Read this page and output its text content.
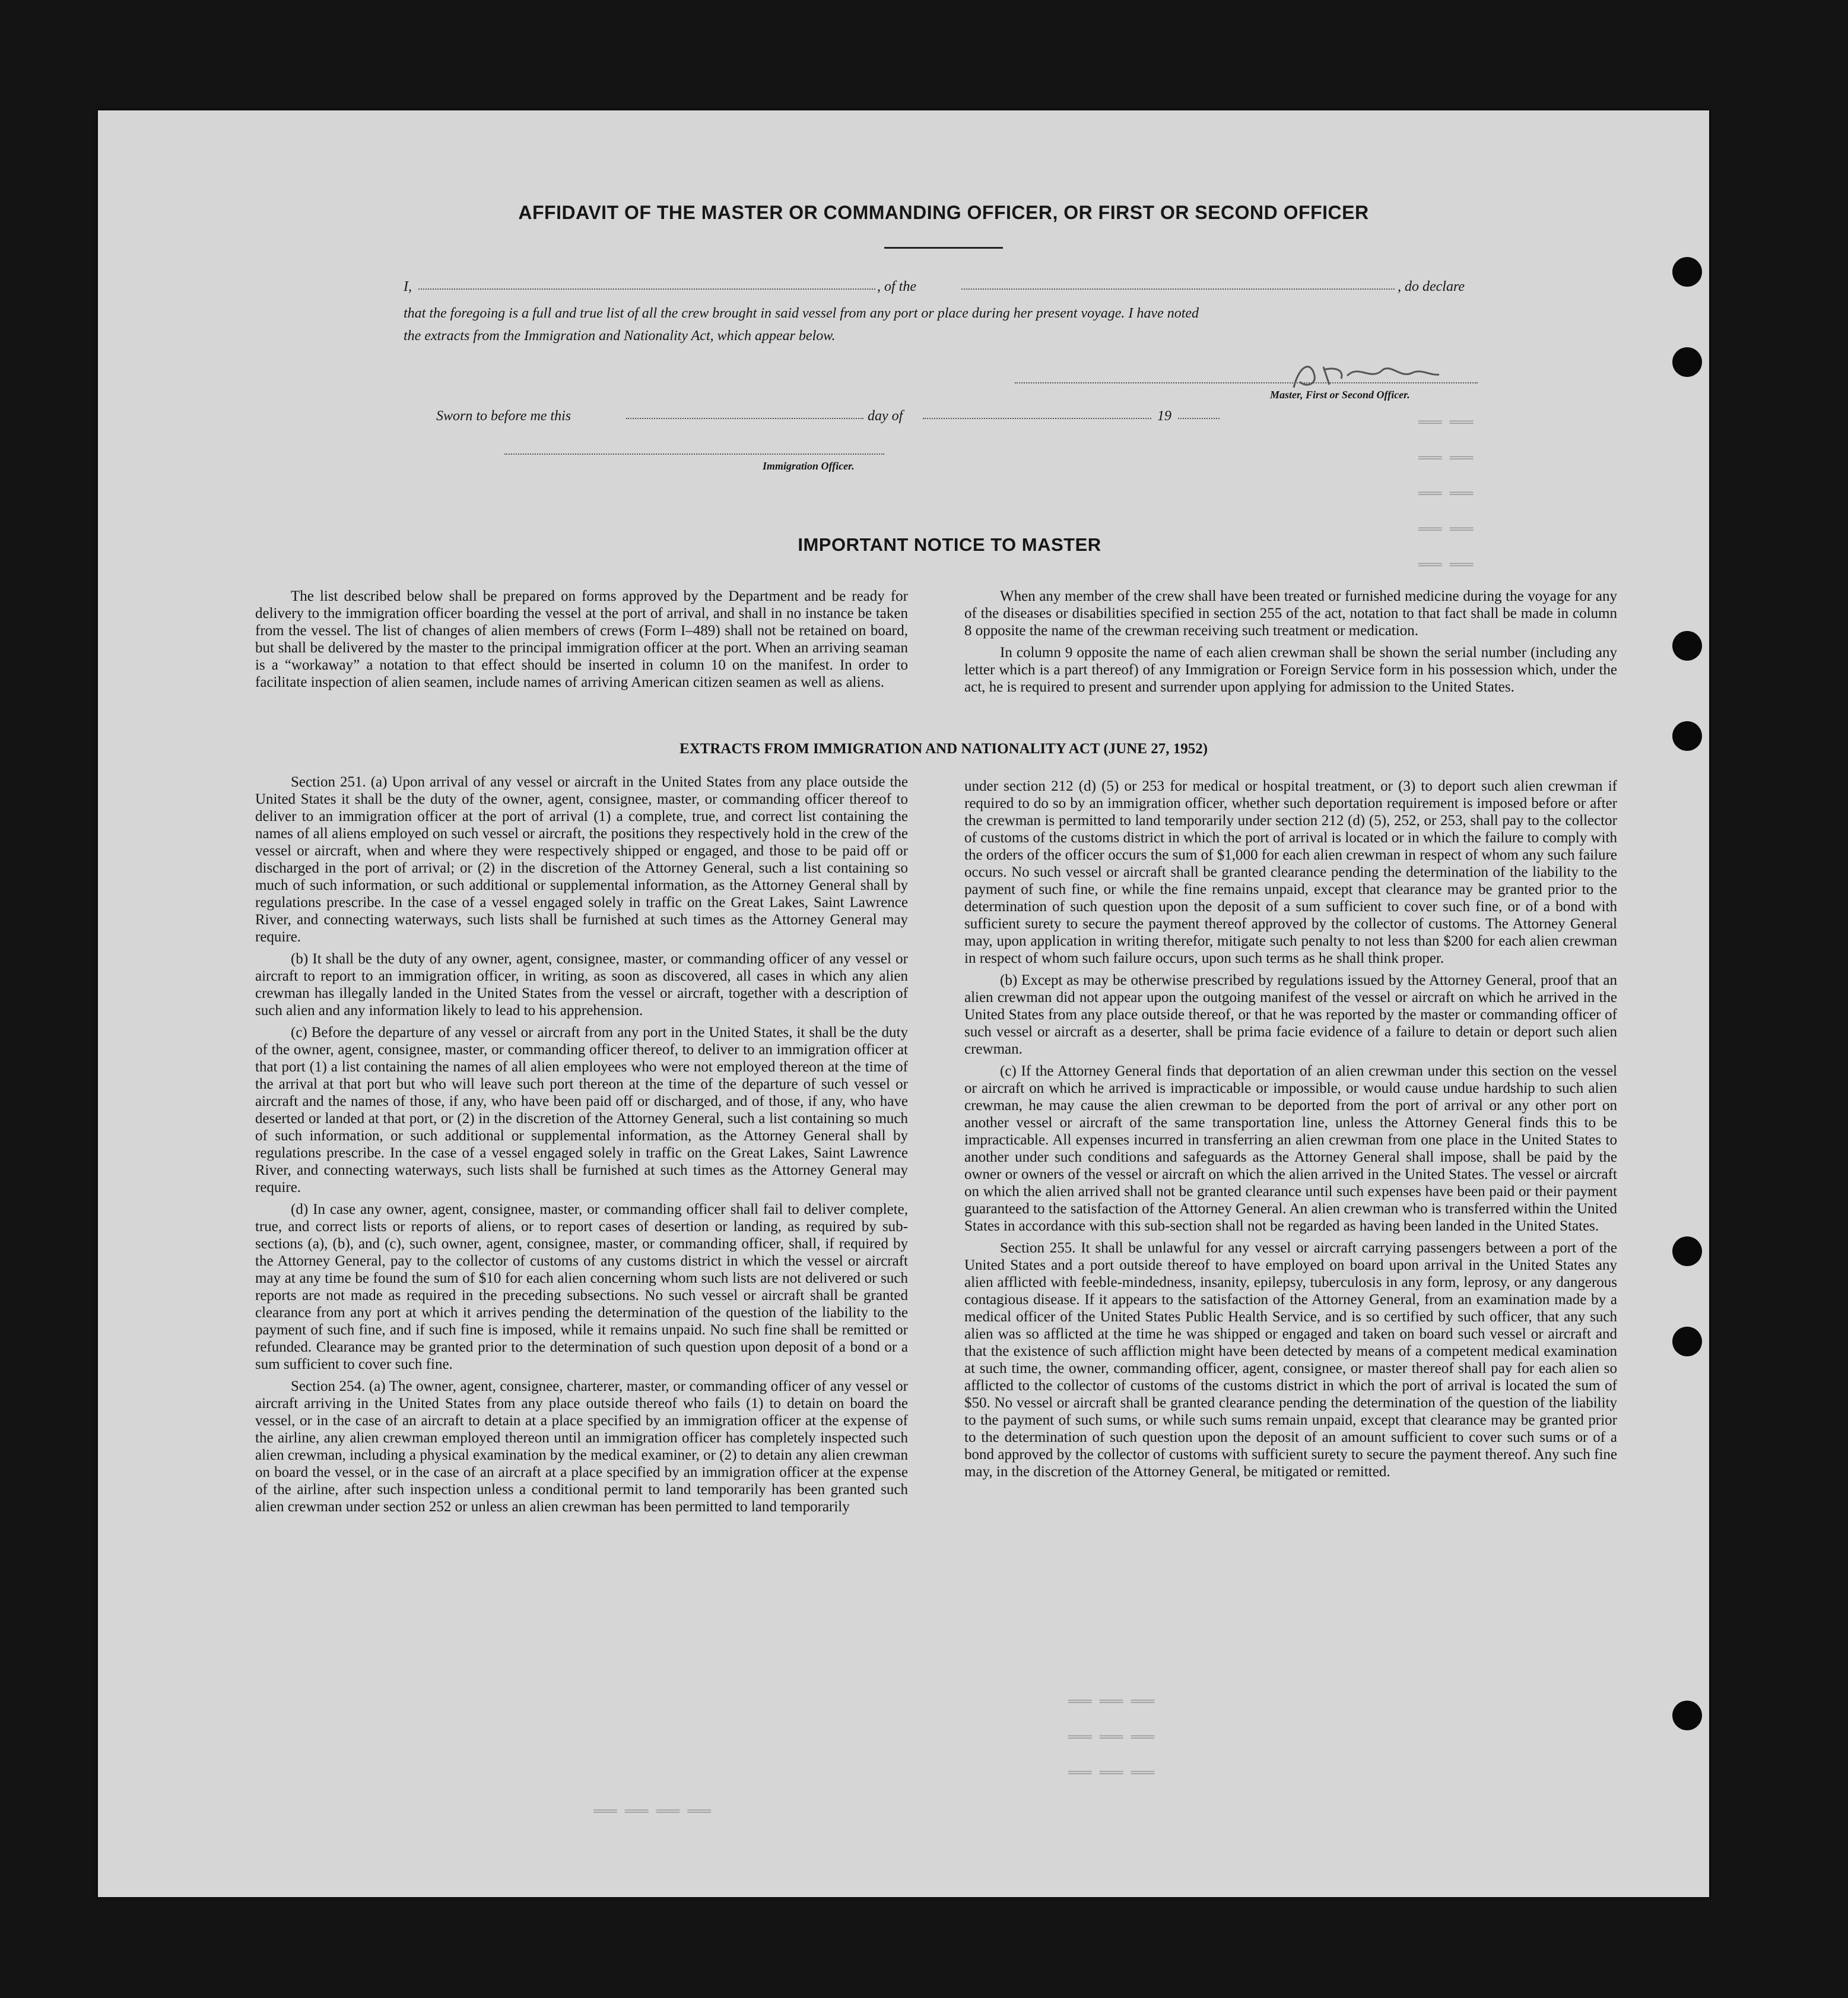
═══ ═══
═══ ═══
═══ ═══
═══ ═══
═══ ═══
═══ ═══ ═══
═══ ═══ ═══
═══ ═══ ═══
═══ ═══ ═══ ═══
AFFIDAVIT OF THE MASTER OR COMMANDING OFFICER, OR FIRST OR SECOND OFFICER
I,	, of the	, do declare
that the foregoing is a full and true list of all the crew brought in said vessel from any port or place during her present voyage. I have noted
the extracts from the Immigration and Nationality Act, which appear below.
Master, First or Second Officer.
Sworn to before me this	day of	19
Immigration Officer.
IMPORTANT NOTICE TO MASTER

The list described below shall be prepared on forms approved by the Department and be ready for delivery to the immigration officer boarding the vessel at the port of arrival, and shall in no instance be taken from the vessel. The list of changes of alien members of crews (Form I–489) shall not be retained on board, but shall be delivered by the master to the principal immigration officer at the port. When an arriving seaman is a “workaway” a notation to that effect should be inserted in column 10 on the manifest. In order to facilitate inspection of alien seamen, include names of arriving American citizen seamen as well as aliens.

When any member of the crew shall have been treated or furnished medicine during the voyage for any of the diseases or disabilities specified in section 255 of the act, notation to that fact shall be made in column 8 opposite the name of the crewman receiving such treatment or medication.

In column 9 opposite the name of each alien crewman shall be shown the serial number (including any letter which is a part thereof) of any Immigration or Foreign Service form in his possession which, under the act, he is required to present and surrender upon applying for admission to the United States.

EXTRACTS FROM IMMIGRATION AND NATIONALITY ACT (JUNE 27, 1952)

Section 251. (a) Upon arrival of any vessel or aircraft in the United States from any place outside the United States it shall be the duty of the owner, agent, consignee, master, or commanding officer thereof to deliver to an immigration officer at the port of arrival (1) a complete, true, and correct list containing the names of all aliens employed on such vessel or aircraft, the positions they respectively hold in the crew of the vessel or aircraft, when and where they were respectively shipped or engaged, and those to be paid off or discharged in the port of arrival; or (2) in the discretion of the Attorney General, such a list containing so much of such information, or such additional or supplemental information, as the Attorney General shall by regulations prescribe. In the case of a vessel engaged solely in traffic on the Great Lakes, Saint Lawrence River, and connecting waterways, such lists shall be furnished at such times as the Attorney General may require.

(b) It shall be the duty of any owner, agent, consignee, master, or commanding officer of any vessel or aircraft to report to an immigration officer, in writing, as soon as discovered, all cases in which any alien crewman has illegally landed in the United States from the vessel or aircraft, together with a description of such alien and any information likely to lead to his apprehension.

(c) Before the departure of any vessel or aircraft from any port in the United States, it shall be the duty of the owner, agent, consignee, master, or commanding officer thereof, to deliver to an immigration officer at that port (1) a list containing the names of all alien employees who were not employed thereon at the time of the arrival at that port but who will leave such port thereon at the time of the departure of such vessel or aircraft and the names of those, if any, who have been paid off or discharged, and of those, if any, who have deserted or landed at that port, or (2) in the discretion of the Attorney General, such a list containing so much of such information, or such additional or supplemental information, as the Attorney General shall by regulations prescribe. In the case of a vessel engaged solely in traffic on the Great Lakes, Saint Lawrence River, and connecting waterways, such lists shall be furnished at such times as the Attorney General may require.

(d) In case any owner, agent, consignee, master, or commanding officer shall fail to deliver complete, true, and correct lists or reports of aliens, or to report cases of desertion or landing, as required by sub-sections (a), (b), and (c), such owner, agent, consignee, master, or commanding officer, shall, if required by the Attorney General, pay to the collector of customs of any customs district in which the vessel or aircraft may at any time be found the sum of $10 for each alien concerning whom such lists are not delivered or such reports are not made as required in the preceding subsections. No such vessel or aircraft shall be granted clearance from any port at which it arrives pending the determination of the question of the liability to the payment of such fine, and if such fine is imposed, while it remains unpaid. No such fine shall be remitted or refunded. Clearance may be granted prior to the determination of such question upon deposit of a bond or a sum sufficient to cover such fine.

Section 254. (a) The owner, agent, consignee, charterer, master, or commanding officer of any vessel or aircraft arriving in the United States from any place outside thereof who fails (1) to detain on board the vessel, or in the case of an aircraft to detain at a place specified by an immigration officer at the expense of the airline, any alien crewman employed thereon until an immigration officer has completely inspected such alien crewman, including a physical examination by the medical examiner, or (2) to detain any alien crewman on board the vessel, or in the case of an aircraft at a place specified by an immigration officer at the expense of the airline, after such inspection unless a conditional permit to land temporarily has been granted such alien crewman under section 252 or unless an alien crewman has been permitted to land temporarily

under section 212 (d) (5) or 253 for medical or hospital treatment, or (3) to deport such alien crewman if required to do so by an immigration officer, whether such deportation requirement is imposed before or after the crewman is permitted to land temporarily under section 212 (d) (5), 252, or 253, shall pay to the collector of customs of the customs district in which the port of arrival is located or in which the failure to comply with the orders of the officer occurs the sum of $1,000 for each alien crewman in respect of whom any such failure occurs. No such vessel or aircraft shall be granted clearance pending the determination of the liability to the payment of such fine, or while the fine remains unpaid, except that clearance may be granted prior to the determination of such question upon the deposit of a sum sufficient to cover such fine, or of a bond with sufficient surety to secure the payment thereof approved by the collector of customs. The Attorney General may, upon application in writing therefor, mitigate such penalty to not less than $200 for each alien crewman in respect of whom such failure occurs, upon such terms as he shall think proper.

(b) Except as may be otherwise prescribed by regulations issued by the Attorney General, proof that an alien crewman did not appear upon the outgoing manifest of the vessel or aircraft on which he arrived in the United States from any place outside thereof, or that he was reported by the master or commanding officer of such vessel or aircraft as a deserter, shall be prima facie evidence of a failure to detain or deport such alien crewman.

(c) If the Attorney General finds that deportation of an alien crewman under this section on the vessel or aircraft on which he arrived is impracticable or impossible, or would cause undue hardship to such alien crewman, he may cause the alien crewman to be deported from the port of arrival or any other port on another vessel or aircraft of the same transportation line, unless the Attorney General finds this to be impracticable. All expenses incurred in transferring an alien crewman from one place in the United States to another under such conditions and safeguards as the Attorney General shall impose, shall be paid by the owner or owners of the vessel or aircraft on which the alien arrived in the United States. The vessel or aircraft on which the alien arrived shall not be granted clearance until such expenses have been paid or their payment guaranteed to the satisfaction of the Attorney General. An alien crewman who is transferred within the United States in accordance with this sub-section shall not be regarded as having been landed in the United States.

Section 255. It shall be unlawful for any vessel or aircraft carrying passengers between a port of the United States and a port outside thereof to have employed on board upon arrival in the United States any alien afflicted with feeble-mindedness, insanity, epilepsy, tuberculosis in any form, leprosy, or any dangerous contagious disease. If it appears to the satisfaction of the Attorney General, from an examination made by a medical officer of the United States Public Health Service, and is so certified by such officer, that any such alien was so afflicted at the time he was shipped or engaged and taken on board such vessel or aircraft and that the existence of such affliction might have been detected by means of a competent medical examination at such time, the owner, commanding officer, agent, consignee, or master thereof shall pay for each alien so afflicted to the collector of customs of the customs district in which the port of arrival is located the sum of $50. No vessel or aircraft shall be granted clearance pending the determination of the question of the liability to the payment of such sums, or while such sums remain unpaid, except that clearance may be granted prior to the determination of such question upon the deposit of an amount sufficient to cover such sums or of a bond approved by the collector of customs with sufficient surety to secure the payment thereof. Any such fine may, in the discretion of the Attorney General, be mitigated or remitted.
